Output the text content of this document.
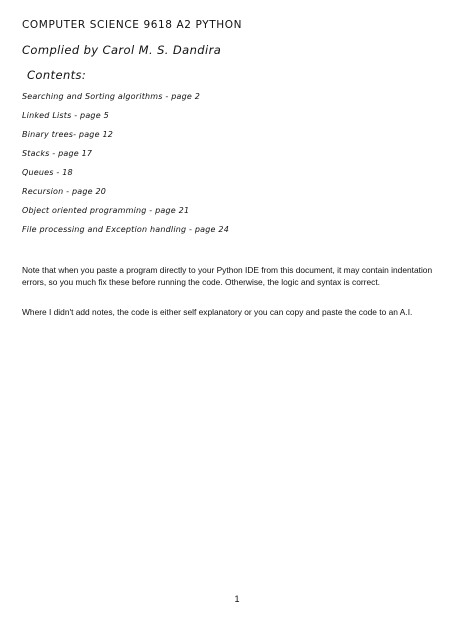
COMPUTER SCIENCE 9618 A2 PYTHON
Complied by Carol M. S. Dandira
Contents:
Searching and Sorting algorithms - page 2
Linked Lists - page 5
Binary trees- page 12
Stacks - page 17
Queues - 18
Recursion - page 20
Object oriented programming - page 21
File processing and Exception handling - page 24

Note that when you paste a program directly to your Python IDE from this document, it may contain indentation errors, so you much fix these before running the code. Otherwise, the logic and syntax is correct.

Where I didn't add notes, the code is either self explanatory or you can copy and paste the code to an A.I.

1
